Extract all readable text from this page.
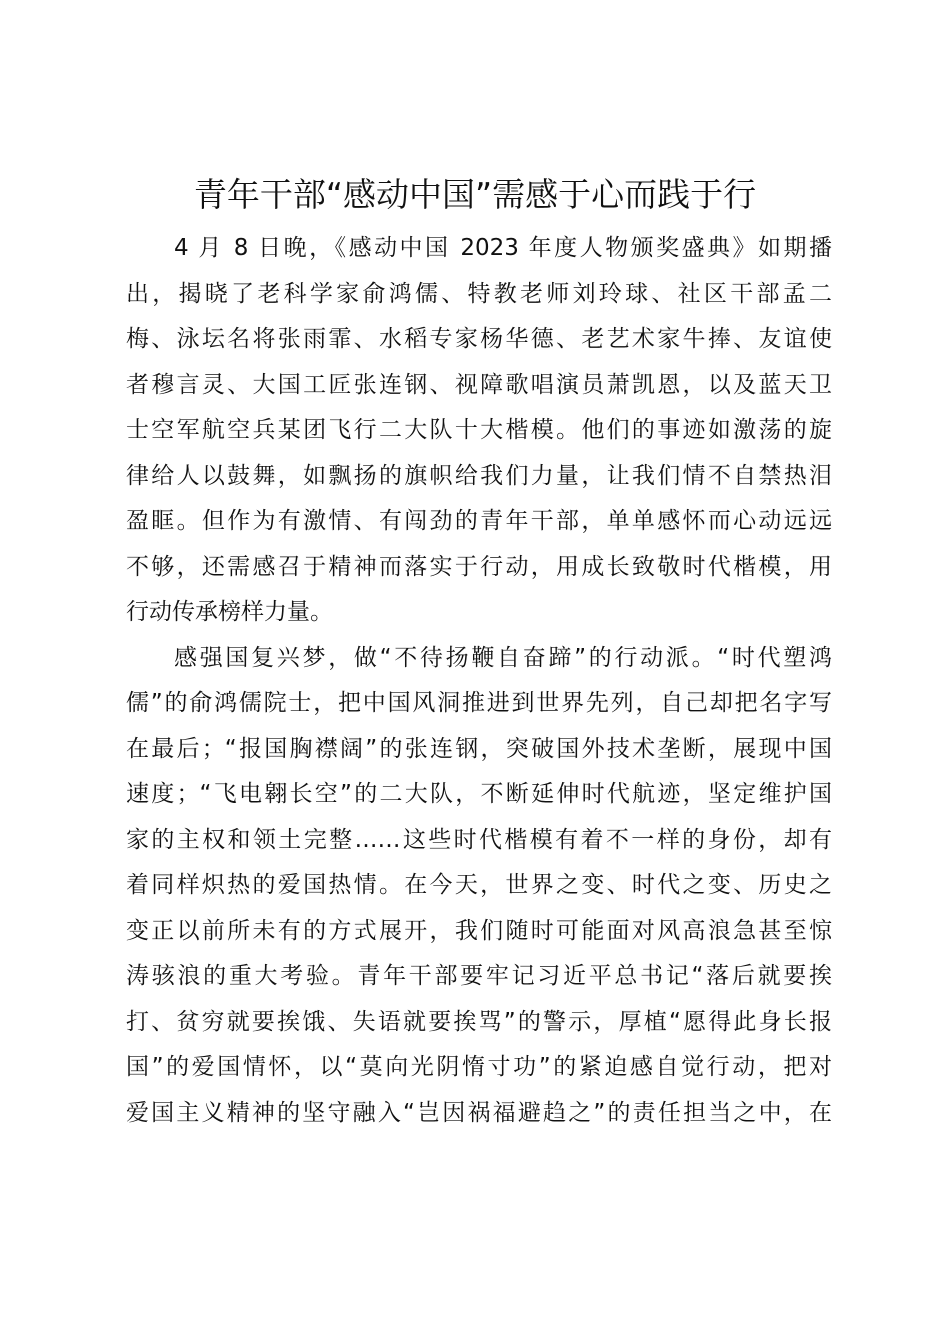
青年干部“感动中国”需感于心而践于行
4 月 8 日晚，《感动中国 2023 年度人物颁奖盛典》如期播
出，揭晓了老科学家俞鸿儒、特教老师刘玲球、社区干部孟二
梅、泳坛名将张雨霏、水稻专家杨华德、老艺术家牛捧、友谊使
者穆言灵、大国工匠张连钢、视障歌唱演员萧凯恩，以及蓝天卫
士空军航空兵某团飞行二大队十大楷模。他们的事迹如激荡的旋
律给人以鼓舞，如飘扬的旗帜给我们力量，让我们情不自禁热泪
盈眶。但作为有激情、有闯劲的青年干部，单单感怀而心动远远
不够，还需感召于精神而落实于行动，用成长致敬时代楷模，用
行动传承榜样力量。
感强国复兴梦，做“不待扬鞭自奋蹄”的行动派。“时代塑鸿
儒”的俞鸿儒院士，把中国风洞推进到世界先列，自己却把名字写
在最后；“报国胸襟阔”的张连钢，突破国外技术垄断，展现中国
速度；“飞电翱长空”的二大队，不断延伸时代航迹，坚定维护国
家的主权和领土完整……这些时代楷模有着不一样的身份，却有
着同样炽热的爱国热情。在今天，世界之变、时代之变、历史之
变正以前所未有的方式展开，我们随时可能面对风高浪急甚至惊
涛骇浪的重大考验。青年干部要牢记习近平总书记“落后就要挨
打、贫穷就要挨饿、失语就要挨骂”的警示，厚植“愿得此身长报
国”的爱国情怀，以“莫向光阴惰寸功”的紧迫感自觉行动，把对
爱国主义精神的坚守融入“岂因祸福避趋之”的责任担当之中，在
